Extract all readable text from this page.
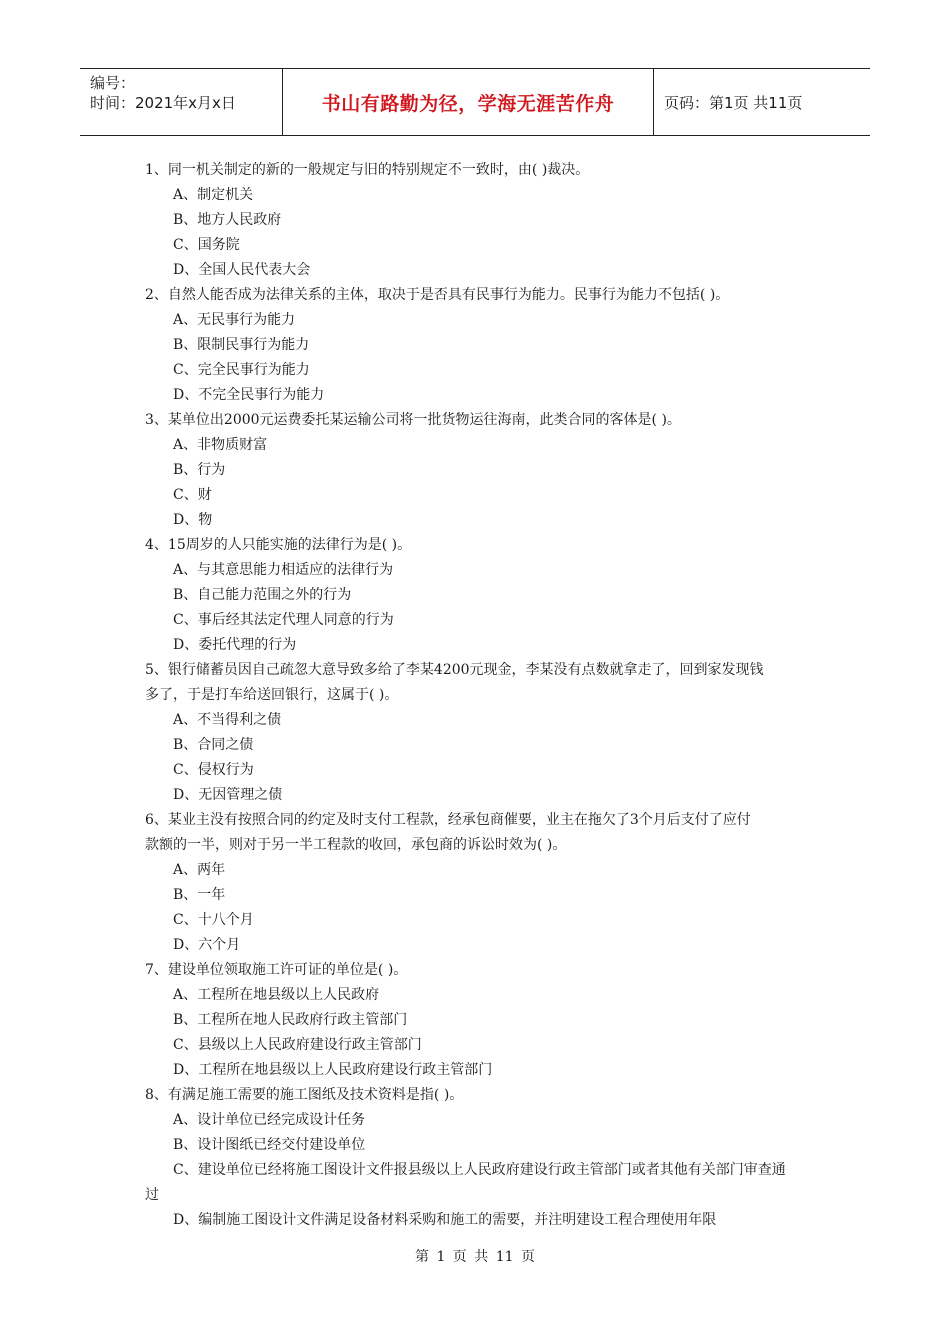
编号：
时间：2021年x月x日	书山有路勤为径，学海无涯苦作舟	页码：第1页 共11页
1、同一机关制定的新的一般规定与旧的特别规定不一致时，由( )裁决。
A、制定机关
B、地方人民政府
C、国务院
D、全国人民代表大会
2、自然人能否成为法律关系的主体，取决于是否具有民事行为能力。民事行为能力不包括( )。
A、无民事行为能力
B、限制民事行为能力
C、完全民事行为能力
D、不完全民事行为能力
3、某单位出2000元运费委托某运输公司将一批货物运往海南，此类合同的客体是( )。
A、非物质财富
B、行为
C、财
D、物
4、15周岁的人只能实施的法律行为是( )。
A、与其意思能力相适应的法律行为
B、自己能力范围之外的行为
C、事后经其法定代理人同意的行为
D、委托代理的行为
5、银行储蓄员因自己疏忽大意导致多给了李某4200元现金，李某没有点数就拿走了，回到家发现钱
多了，于是打车给送回银行，这属于( )。
A、不当得利之债
B、合同之债
C、侵权行为
D、无因管理之债
6、某业主没有按照合同的约定及时支付工程款，经承包商催要，业主在拖欠了3个月后支付了应付
款额的一半，则对于另一半工程款的收回，承包商的诉讼时效为( )。
A、两年
B、一年
C、十八个月
D、六个月
7、建设单位领取施工许可证的单位是( )。
A、工程所在地县级以上人民政府
B、工程所在地人民政府行政主管部门
C、县级以上人民政府建设行政主管部门
D、工程所在地县级以上人民政府建设行政主管部门
8、有满足施工需要的施工图纸及技术资料是指( )。
A、设计单位已经完成设计任务
B、设计图纸已经交付建设单位
C、建设单位已经将施工图设计文件报县级以上人民政府建设行政主管部门或者其他有关部门审查通
过
D、编制施工图设计文件满足设备材料采购和施工的需要，并注明建设工程合理使用年限
第 1 页 共 11 页
